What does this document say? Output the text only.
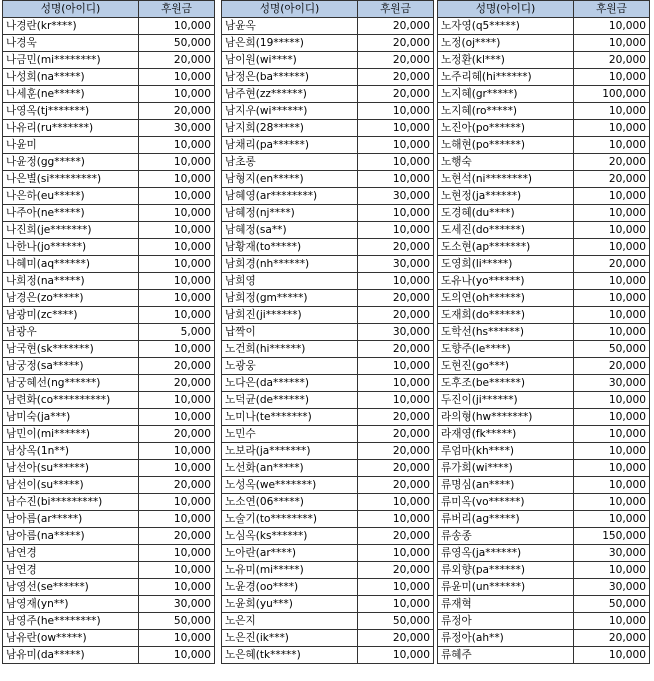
성명(아이디)	후원금
나경란(kr****)	10,000
나경욱	50,000
나금민(mi********)	20,000
나성희(na*****)	10,000
나세훈(ne*****)	10,000
나영옥(tj*******)	20,000
나유리(ru*******)	30,000
나윤미	10,000
나윤정(gg*****)	10,000
나은별(si*********)	10,000
나은하(eu*****)	10,000
나주아(ne*****)	10,000
나진희(je*******)	10,000
나한나(jo******)	10,000
나혜미(aq******)	10,000
나희정(na*****)	10,000
남경은(zo*****)	10,000
남광미(zc****)	10,000
남광우	5,000
남국현(sk*******)	10,000
남궁정(sa*****)	20,000
남궁혜선(ng******)	20,000
남련화(co**********)	10,000
남미숙(ja***)	10,000
남민이(mi******)	20,000
남상옥(1n**)	10,000
남선아(su******)	10,000
남선이(su*****)	20,000
남수진(bi*********)	10,000
남아름(ar*****)	10,000
남아름(na*****)	20,000
남연경	10,000
남연경	10,000
남영선(se******)	10,000
남영재(yn**)	30,000
남영주(he********)	50,000
남유란(ow*****)	10,000
남유미(da*****)	10,000
성명(아이디)	후원금
남윤옥	20,000
남은희(19*****)	20,000
남이원(wi****)	20,000
남정은(ba******)	20,000
남주현(zz******)	20,000
남지우(wi******)	10,000
남지희(28*****)	10,000
남채리(pa******)	10,000
남초롱	10,000
남형지(en*****)	10,000
남혜영(ar********)	30,000
남혜정(nj****)	10,000
남혜정(sa**)	10,000
남황재(to*****)	20,000
남희경(nh******)	30,000
남희영	10,000
남희정(gm*****)	20,000
남희진(ji******)	20,000
납짝이	30,000
노건희(hi******)	20,000
노광웅	10,000
노다은(da******)	10,000
노덕균(de******)	10,000
노미나(te*******)	20,000
노민수	20,000
노보라(ja*******)	20,000
노선화(an*****)	20,000
노성옥(we*******)	20,000
노소연(06*****)	10,000
노술기(to********)	10,000
노심옥(ks******)	20,000
노아란(ar****)	10,000
노유미(mi*****)	20,000
노윤경(oo****)	10,000
노윤희(yu***)	10,000
노은지	50,000
노은진(ik***)	20,000
노은혜(tk*****)	10,000
성명(아이디)	후원금
노자영(q5*****)	10,000
노정(oj****)	10,000
노정환(kl***)	20,000
노주리혜(hi******)	10,000
노지혜(gr*****)	100,000
노지혜(ro*****)	10,000
노진아(po******)	10,000
노해현(po******)	10,000
노행숙	20,000
노현석(ni********)	20,000
노현정(ja******)	10,000
도경혜(du****)	10,000
도세진(do******)	10,000
도소현(ap*******)	10,000
도영희(li*****)	20,000
도유나(yo******)	10,000
도의연(oh******)	10,000
도재희(do******)	10,000
도학선(hs******)	10,000
도향주(le****)	50,000
도현진(go***)	20,000
도후조(be******)	30,000
두진이(ji******)	10,000
라의형(hw*******)	10,000
라재영(fk*****)	10,000
루엄마(kh****)	10,000
류가희(wi****)	10,000
류명심(an****)	10,000
류미옥(vo******)	10,000
류버리(ag*****)	10,000
류송종	150,000
류영옥(ja******)	30,000
류외향(pa******)	10,000
류윤미(un******)	30,000
류재혁	50,000
류정아	10,000
류정아(ah**)	20,000
류혜주	10,000
